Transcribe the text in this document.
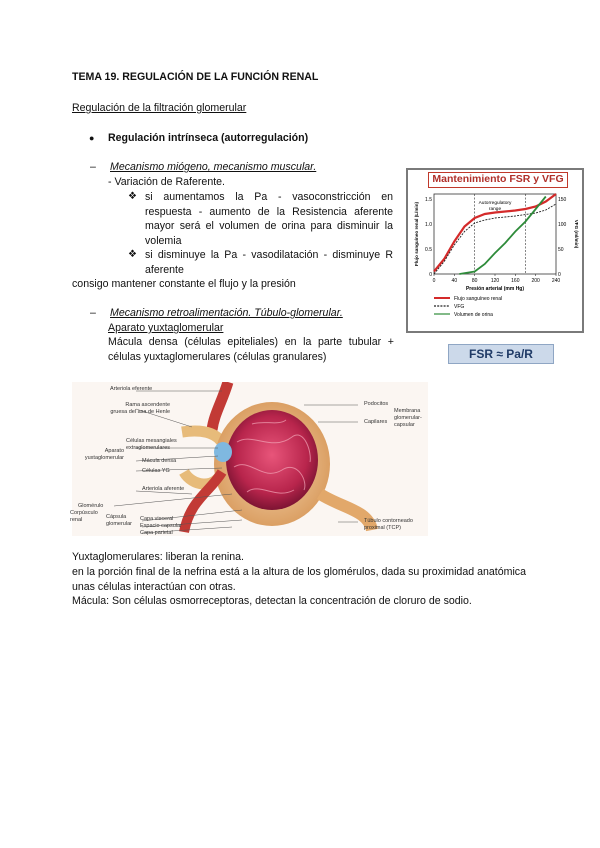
TEMA 19. REGULACIÓN DE LA FUNCIÓN RENAL
Regulación de la filtración glomerular
● Regulación intrínseca (autorregulación)
– Mecanismo miógeno, mecanismo muscular.
- Variación de Raferente.
❖ si aumentamos la Pa - vasoconstricción en respuesta - aumento de la Resistencia aferente mayor será el volumen de orina para disminuir la volemia
❖ si disminuye la Pa - vasodilatación - disminuye R aferente
consigo mantener constante el flujo y la presión
– Mecanismo retroalimentación. Túbulo-glomerular.
Aparato yuxtaglomerular
Mácula densa (células epiteliales) en la parte tubular + células yuxtaglomerulares (células granulares)
Mantenimiento FSR y VFG
0	40	80	120 160 200 240
0
0.5
1.0
1.5
0
50
100
150
Presión arterial (mm Hg)
Flujo sanguíneo renal (L/min)	VFG (ml/min)
Autorregulatory
range
Flujo sanguíneo renal
VFG
Volumen de orina
FSR ≈ Pa/R
Arteriola eferente
Rama ascendente gruesa del asa de Henle
Células mesangiales extraglomerulares
Mácula densa
Células YG
Arteriola aferente
Glomérulo
Capa visceral
Espacio capsular
Capa parietal
Aparato yuxtaglomerular
Corpúsculo renal	Cápsula glomerular
Podocitos
Capilares
Membrana glomerular-capsular
Túbulo contorneado proximal (TCP)
Yuxtaglomerulares: liberan la renina.
en la porción final de la nefrina está a la altura de los glomérulos, dada su proximidad anatómica unas células interactúan con otras.
Mácula: Son células osmorreceptoras, detectan la concentración de cloruro de sodio.
